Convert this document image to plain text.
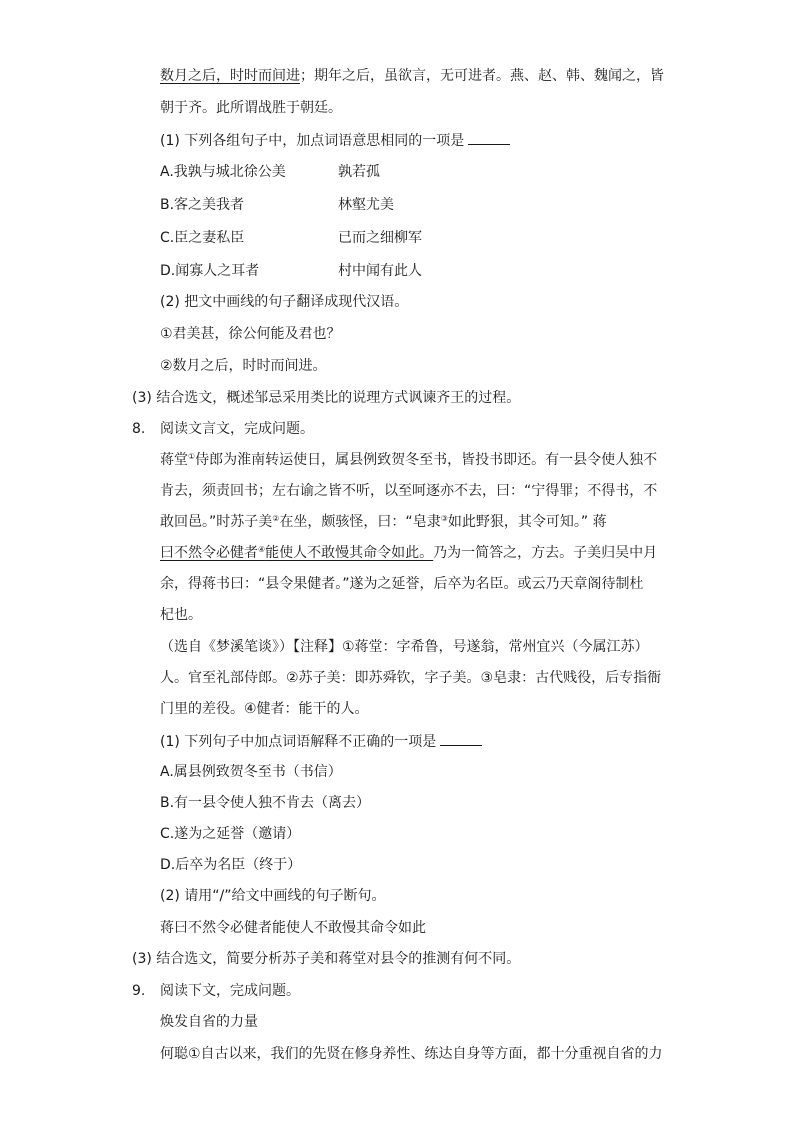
数月之后，时时而间进；期年之后，虽欲言，无可进者。燕、赵、韩、魏闻之，皆
朝于齐。此所谓战胜于朝廷。
(1) 下列各组句子中，加点词语意思相同的一项是
A.我孰与城北徐公美	孰若孤
B.客之美我者	林壑尤美
C.臣之妻私臣	已而之细柳军
D.闻寡人之耳者	村中闻有此人
(2) 把文中画线的句子翻译成现代汉语。
①君美甚，徐公何能及君也？
②数月之后，时时而间进。
(3) 结合选文，概述邹忌采用类比的说理方式讽谏齐王的过程。
8. 阅读文言文，完成问题。
蒋堂①侍郎为淮南转运使日，属县例致贺冬至书，皆投书即还。有一县令使人独不
肯去，须责回书；左右谕之皆不听，以至呵逐亦不去，曰：“宁得罪；不得书，不
敢回邑。”时苏子美②在坐，颇骇怪，曰：“皂隶③如此野狠，其令可知。” 蒋
曰不然令必健者④能使人不敢慢其命令如此。乃为一简答之，方去。子美归吴中月
余，得蒋书曰：“县令果健者。”遂为之延誉，后卒为名臣。或云乃天章阁待制杜
杞也。
（选自《梦溪笔谈》）【注释】①蒋堂：字希鲁，号遂翁，常州宜兴（今属江苏）
人。官至礼部侍郎。②苏子美：即苏舜钦，字子美。③皂隶：古代贱役，后专指衙
门里的差役。④健者：能干的人。
(1) 下列句子中加点词语解释不正确的一项是
A.属县例致贺冬至书（书信）
B.有一县令使人独不肯去（离去）
C.遂为之延誉（邀请）
D.后卒为名臣（终于）
(2) 请用“/”给文中画线的句子断句。
蒋曰不然令必健者能使人不敢慢其命令如此
(3) 结合选文，简要分析苏子美和蒋堂对县令的推测有何不同。
9. 阅读下文，完成问题。
焕发自省的力量
何聪①自古以来，我们的先贤在修身养性、练达自身等方面，都十分重视自省的力
